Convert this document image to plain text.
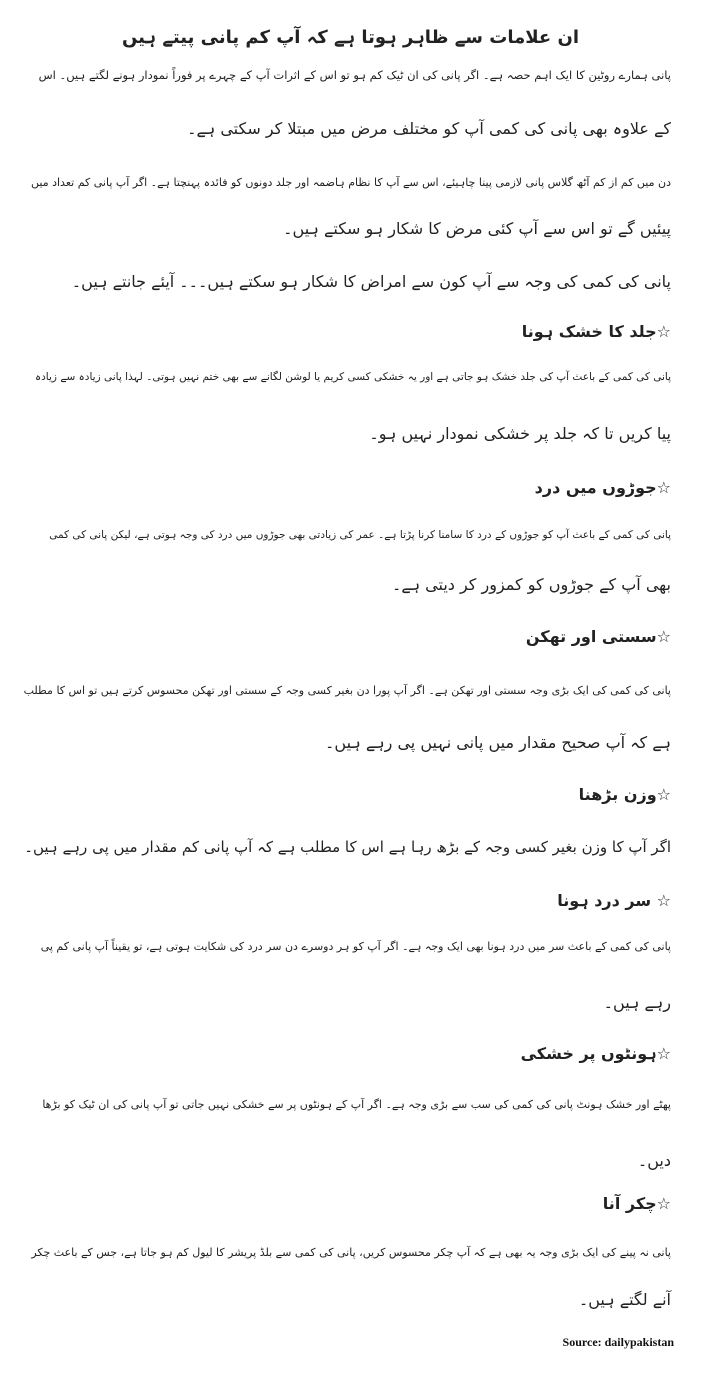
ان علامات سے ظاہر ہوتا ہے کہ آپ کم پانی پیتے ہیں

پانی ہمارے روٹین کا ایک اہم حصہ ہے۔ اگر پانی کی ان ٹیک کم ہو تو اس کے اثرات آپ کے چہرے پر فوراً نمودار ہونے لگتے ہیں۔ اس

کے علاوہ بھی پانی کی کمی آپ کو مختلف مرض میں مبتلا کر سکتی ہے۔

دن میں کم از کم آٹھ گلاس پانی لازمی پینا چاہیئے، اس سے آپ کا نظام ہاضمہ اور جلد دونوں کو فائدہ پہنچتا ہے۔ اگر آپ پانی کم تعداد میں

پیئیں گے تو اس سے آپ کئی مرض کا شکار ہو سکتے ہیں۔

پانی کی کمی کی وجہ سے آپ کون سے امراض کا شکار ہو سکتے ہیں۔۔۔ آیئے جانتے ہیں۔

☆جلد کا خشک ہونا

پانی کی کمی کے باعث آپ کی جلد خشک ہو جاتی ہے اور یہ خشکی کسی کریم یا لوشن لگانے سے بھی ختم نہیں ہوتی۔ لہذا پانی زیادہ سے زیادہ

پیا کریں تا کہ جلد پر خشکی نمودار نہیں ہو۔

☆جوڑوں میں درد

پانی کی کمی کے باعث آپ کو جوڑوں کے درد کا سامنا کرنا پڑتا ہے۔ عمر کی زیادتی بھی جوڑوں میں درد کی وجہ ہوتی ہے، لیکن پانی کی کمی

بھی آپ کے جوڑوں کو کمزور کر دیتی ہے۔

☆سستی اور تھکن

پانی کی کمی کی ایک بڑی وجہ سستی اور تھکن ہے۔ اگر آپ پورا دن بغیر کسی وجہ کے سستی اور تھکن محسوس کرتے ہیں تو اس کا مطلب

ہے کہ آپ صحیح مقدار میں پانی نہیں پی رہے ہیں۔

☆وزن بڑھنا

اگر آپ کا وزن بغیر کسی وجہ کے بڑھ رہا ہے اس کا مطلب ہے کہ آپ پانی کم مقدار میں پی رہے ہیں۔

☆ سر درد ہونا

پانی کی کمی کے باعث سر میں درد ہونا بھی ایک وجہ ہے۔ اگر آپ کو ہر دوسرے دن سر درد کی شکایت ہوتی ہے، تو یقیناً آپ پانی کم پی

رہے ہیں۔

☆ہونٹوں پر خشکی

پھٹے اور خشک ہونٹ پانی کی کمی کی سب سے بڑی وجہ ہے۔ اگر آپ کے ہونٹوں پر سے خشکی نہیں جاتی تو آپ پانی کی ان ٹیک کو بڑھا

دیں۔

☆چکر آنا

پانی نہ پینے کی ایک بڑی وجہ یہ بھی ہے کہ آپ چکر محسوس کریں، پانی کی کمی سے بلڈ پریشر کا لیول کم ہو جاتا ہے، جس کے باعث چکر

آنے لگتے ہیں۔

Source: dailypakistan
